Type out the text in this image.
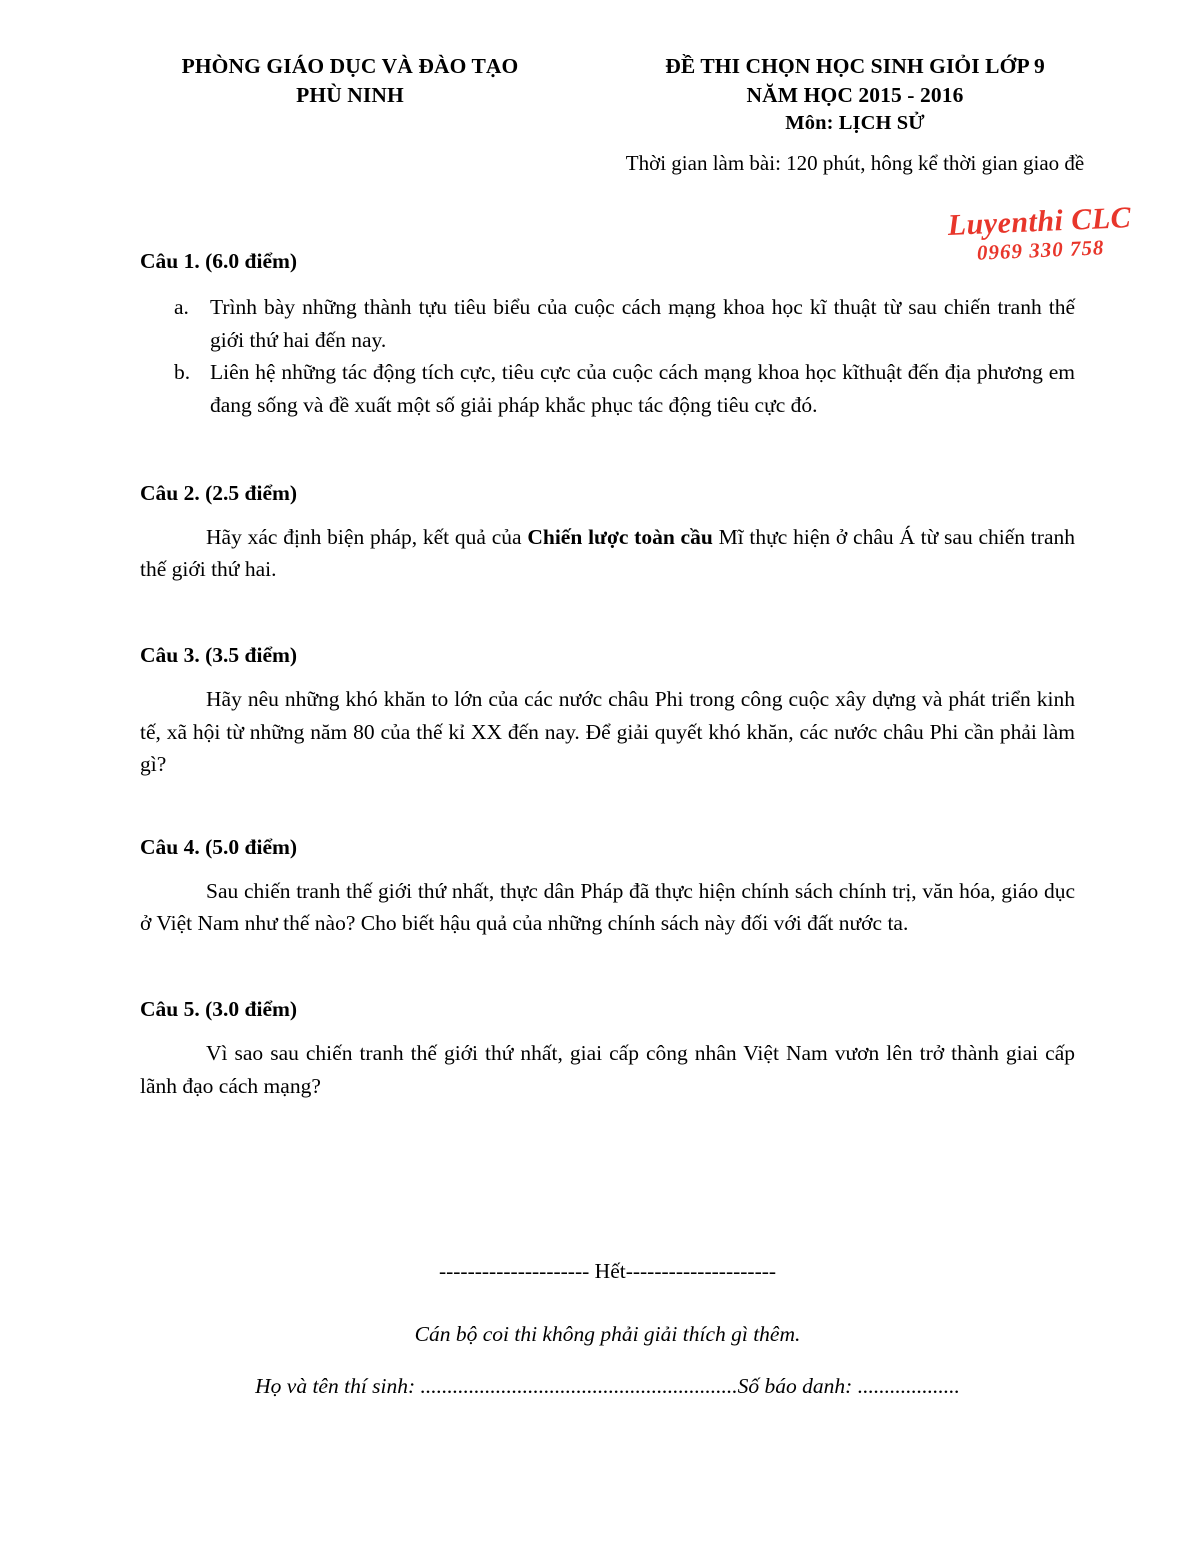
PHÒNG GIÁO DỤC VÀ ĐÀO TẠO
PHÙ NINH
ĐỀ THI CHỌN HỌC SINH GIỎI LỚP 9
NĂM HỌC 2015 - 2016
Môn: LỊCH SỬ
Thời gian làm bài: 120 phút, hông kể thời gian giao đề
Luyenthi CLC
0969 330 758
Câu 1. (6.0 điểm)
a. Trình bày những thành tựu tiêu biểu của cuộc cách mạng khoa học kĩ thuật từ sau chiến tranh thế giới thứ hai đến nay.
b. Liên hệ những tác động tích cực, tiêu cực của cuộc cách mạng khoa học kĩthuật đến địa phương em đang sống và đề xuất một số giải pháp khắc phục tác động tiêu cực đó.
Câu 2. (2.5 điểm)
Hãy xác định biện pháp, kết quả của Chiến lược toàn cầu Mĩ thực hiện ở châu Á từ sau chiến tranh thế giới thứ hai.
Câu 3. (3.5 điểm)
Hãy nêu những khó khăn to lớn của các nước châu Phi trong công cuộc xây dựng và phát triển kinh tế, xã hội từ những năm 80 của thế kỉ XX đến nay. Để giải quyết khó khăn, các nước châu Phi cần phải làm gì?
Câu 4. (5.0 điểm)
Sau chiến tranh thế giới thứ nhất, thực dân Pháp đã thực hiện chính sách chính trị, văn hóa, giáo dục ở Việt Nam như thế nào? Cho biết hậu quả của những chính sách này đối với đất nước ta.
Câu 5. (3.0 điểm)
Vì sao sau chiến tranh thế giới thứ nhất, giai cấp công nhân Việt Nam vươn lên trở thành giai cấp lãnh đạo cách mạng?
--------------------- Hết---------------------
Cán bộ coi thi không phải giải thích gì thêm.
Họ và tên thí sinh: ...........................................................Số báo danh: ...................
